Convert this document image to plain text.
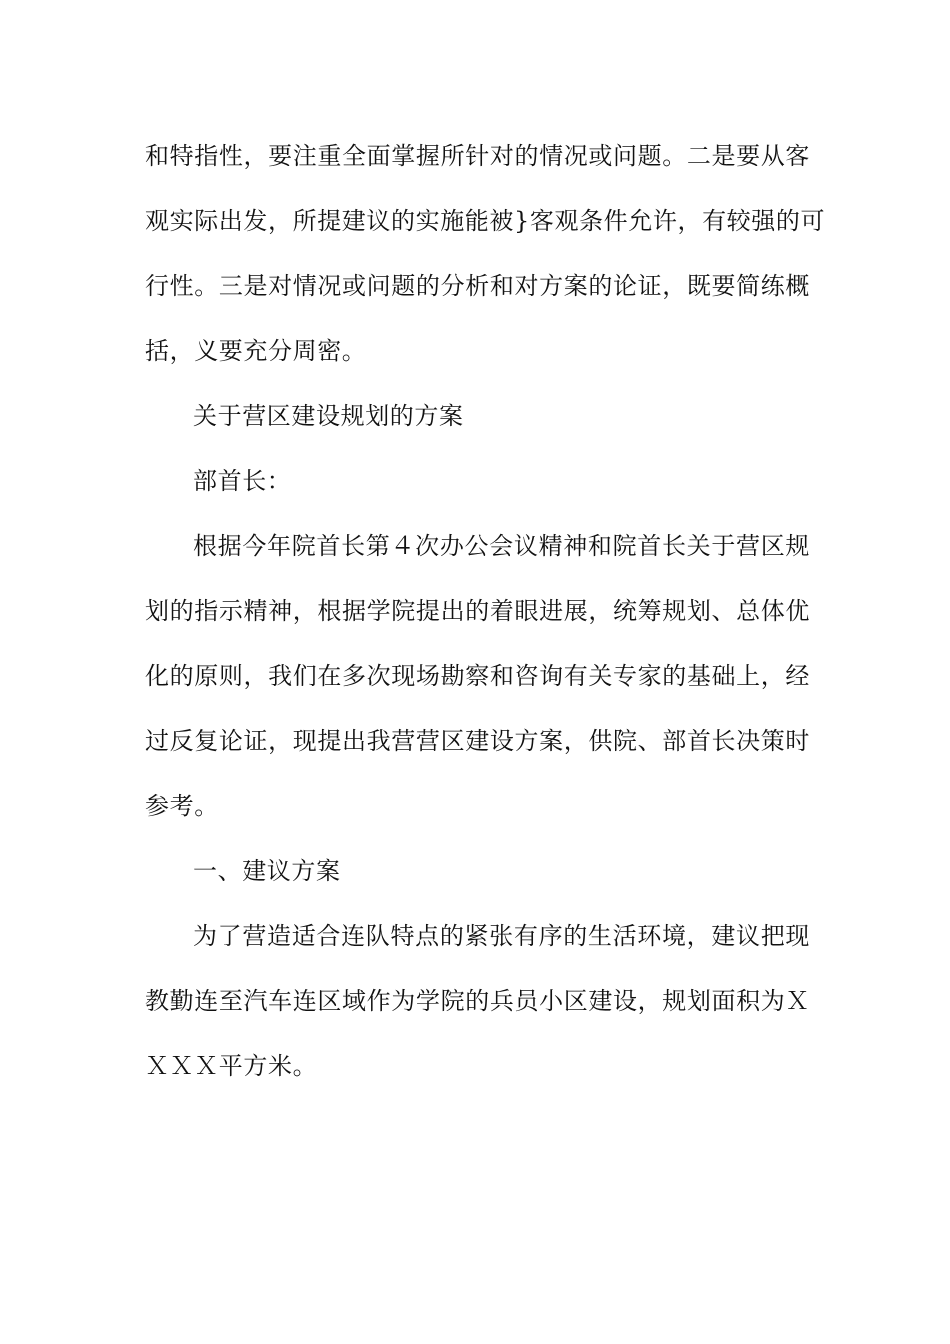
和特指性，要注重全面掌握所针对的情况或问题。二是要从客
观实际出发，所提建议的实施能被}客观条件允许，有较强的可
行性。三是对情况或问题的分析和对方案的论证，既要简练概
括，义要充分周密。
关于营区建设规划的方案
部首长：
根据今年院首长第４次办公会议精神和院首长关于营区规
划的指示精神，根据学院提出的着眼进展，统筹规划、总体优
化的原则，我们在多次现场勘察和咨询有关专家的基础上，经
过反复论证，现提出我营营区建设方案，供院、部首长决策时
参考。
一、建议方案
为了营造适合连队特点的紧张有序的生活环境，建议把现
教勤连至汽车连区域作为学院的兵员小区建设，规划面积为Ｘ
ＸＸＸ平方米。
